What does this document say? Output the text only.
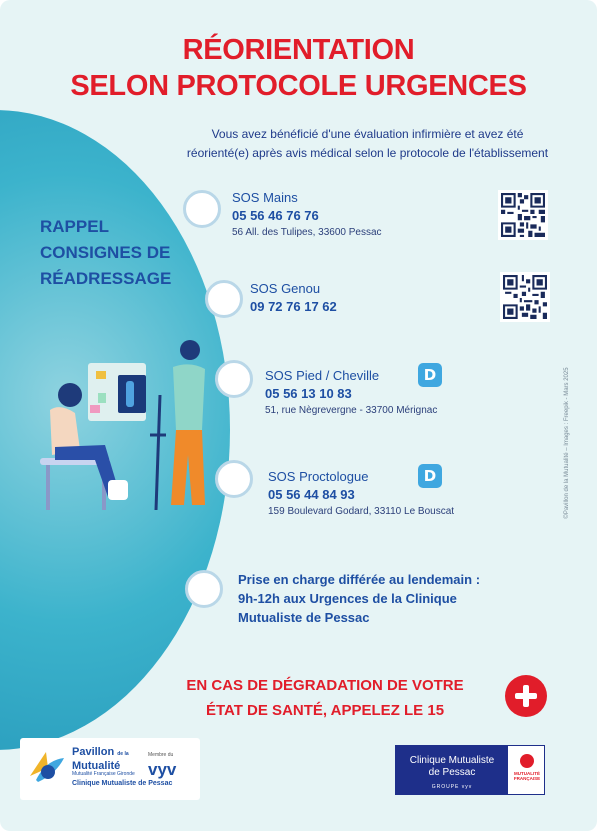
RÉORIENTATION
SELON PROTOCOLE URGENCES
Vous avez bénéficié d'une évaluation infirmière et avez été
réorienté(e) après avis médical selon le protocole de l'établissement
RAPPEL
CONSIGNES DE
RÉADRESSAGE
SOS Mains
05 56 46 76 76
56 All. des Tulipes, 33600 Pessac
SOS Genou
09 72 76 17 62
SOS Pied / Cheville
05 56 13 10 83
51, rue Nègrevergne - 33700 Mérignac
D
SOS Proctologue
05 56 44 84 93
159 Boulevard Godard, 33110 Le Bouscat
D
Prise en charge différée au lendemain :
9h-12h aux Urgences de la Clinique
Mutualiste de Pessac
EN CAS DE DÉGRADATION DE VOTRE
ÉTAT DE SANTÉ, APPELEZ LE 15
©Pavillon de la Mutualité – Images : Freepik - Mars 2025
Pavillon de la
Mutualité
Mutualité Française Gironde
Clinique Mutualiste de Pessac
Membre du
vyv	Clinique Mutualiste
de Pessac
GROUPE vyv
MUTUALITÉ FRANÇAISE
